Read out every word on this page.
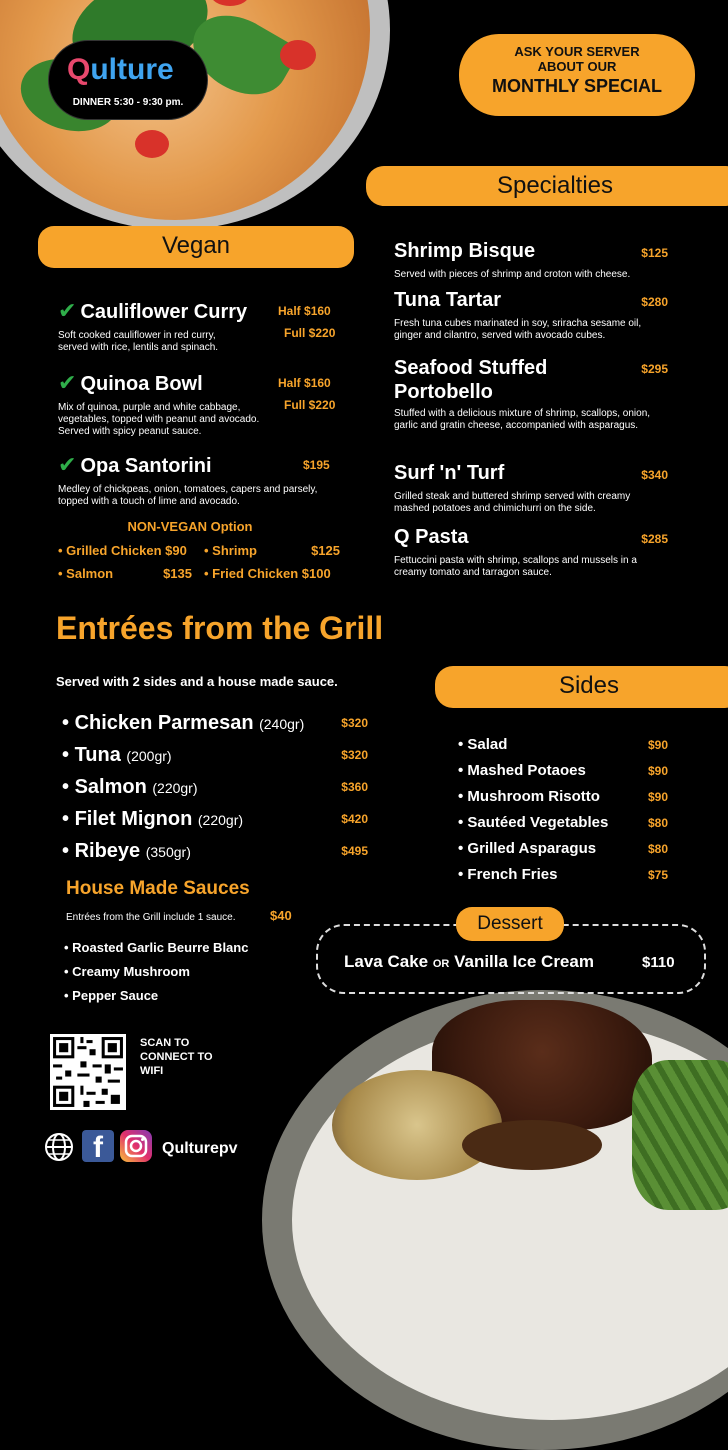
Qulture
DINNER 5:30 - 9:30 pm.
ASK YOUR SERVER
ABOUT OUR
MONTHLY SPECIAL
Specialties
Vegan
✔ Cauliflower Curry	Half $160
Full $220
Soft cooked cauliflower in red curry, served with rice, lentils and spinach.
✔ Quinoa Bowl	Half $160
Full $220
Mix of quinoa, purple and white cabbage, vegetables, topped with peanut and avocado. Served with spicy peanut sauce.
✔ Opa Santorini	$195
Medley of chickpeas, onion, tomatoes, capers and parsely, topped with a touch of lime and avocado.
NON-VEGAN Option
• Grilled Chicken $90	• Shrimp	$125
• Salmon	$135 • Fried Chicken $100
Shrimp Bisque	$125
Served with pieces of shrimp and croton with cheese.
Tuna Tartar	$280
Fresh tuna cubes marinated in soy, sriracha sesame oil, ginger and cilantro, served with avocado cubes.
Seafood Stuffed Portobello
$295
Stuffed with a delicious mixture of shrimp, scallops, onion, garlic and gratin cheese, accompanied with asparagus.
Surf 'n' Turf	$340
Grilled steak and buttered shrimp served with creamy mashed potatoes and chimichurri on the side.
Q Pasta	$285
Fettuccini pasta with shrimp, scallops and mussels in a creamy tomato and tarragon sauce.
Entrées from the Grill
Served with 2 sides and a house made sauce.
• Chicken Parmesan (240gr)	$320
• Tuna (200gr)	$320
• Salmon (220gr)	$360
• Filet Mignon (220gr)	$420
• Ribeye (350gr)	$495
House Made Sauces
Entrées from the Grill include 1 sauce.	$40
• Roasted Garlic Beurre Blanc
• Creamy Mushroom
• Pepper Sauce
Sides
• Salad	$90
• Mashed Potaoes	$90
• Mushroom Risotto	$90
• Sautéed Vegetables	$80
• Grilled Asparagus	$80
• French Fries	$75
Dessert
Lava Cake OR Vanilla Ice Cream	$110
SCAN TO CONNECT TO WIFI
f	Qulturepv
